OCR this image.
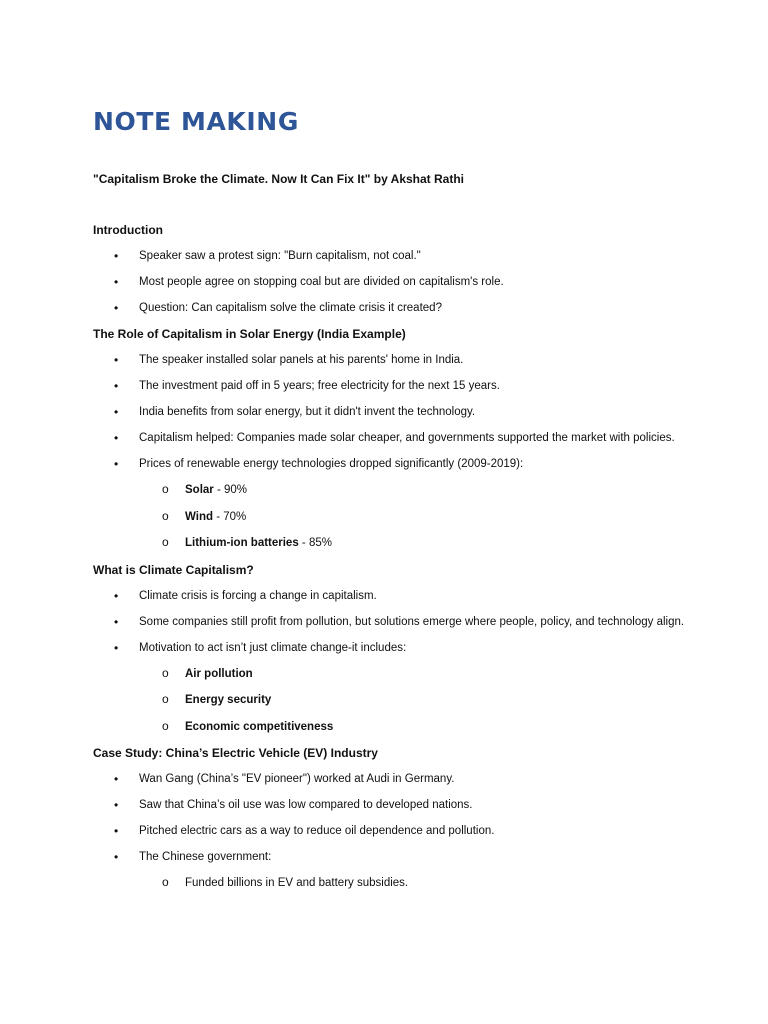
NOTE MAKING

"Capitalism Broke the Climate. Now It Can Fix It" by Akshat Rathi

Introduction

• Speaker saw a protest sign: "Burn capitalism, not coal."
• Most people agree on stopping coal but are divided on capitalism's role.
• Question: Can capitalism solve the climate crisis it created?

The Role of Capitalism in Solar Energy (India Example)

• The speaker installed solar panels at his parents' home in India.
• The investment paid off in 5 years; free electricity for the next 15 years.
• India benefits from solar energy, but it didn't invent the technology.
• Capitalism helped: Companies made solar cheaper, and governments supported the market with policies.
• Prices of renewable energy technologies dropped significantly (2009-2019):
o Solar - 90%
o Wind - 70%
o Lithium-ion batteries - 85%

What is Climate Capitalism?

• Climate crisis is forcing a change in capitalism.
• Some companies still profit from pollution, but solutions emerge where people, policy, and technology align.
• Motivation to act isn’t just climate change-it includes:
o Air pollution
o Energy security
o Economic competitiveness

Case Study: China’s Electric Vehicle (EV) Industry

• Wan Gang (China’s "EV pioneer") worked at Audi in Germany.
• Saw that China’s oil use was low compared to developed nations.
• Pitched electric cars as a way to reduce oil dependence and pollution.
• The Chinese government:
o Funded billions in EV and battery subsidies.
